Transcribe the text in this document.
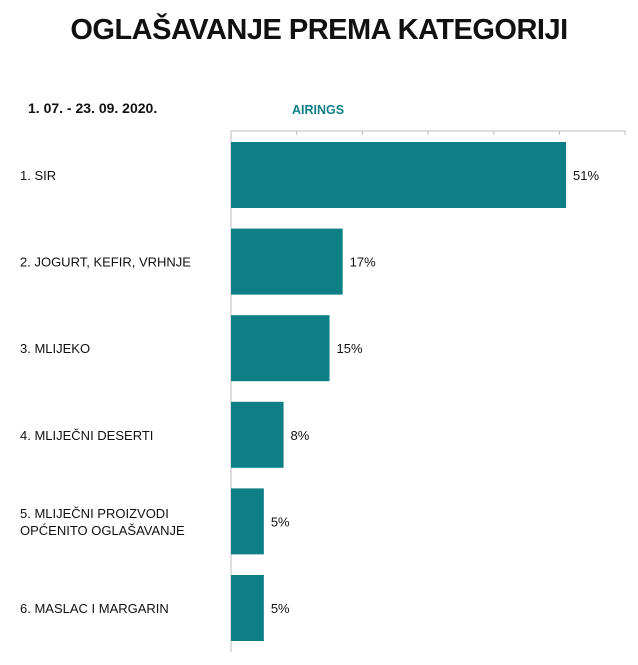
OGLAŠAVANJE PREMA KATEGORIJI
1. 07. - 23. 09. 2020.	AIRINGS
51%
1. SIR
17%
2. JOGURT, KEFIR, VRHNJE
15%
3. MLIJEKO
8%
4. MLIJEČNI DESERTI
5%
5. MLIJEČNI PROIZVODI
OPĆENITO OGLAŠAVANJE
5%
6. MASLAC I MARGARIN
